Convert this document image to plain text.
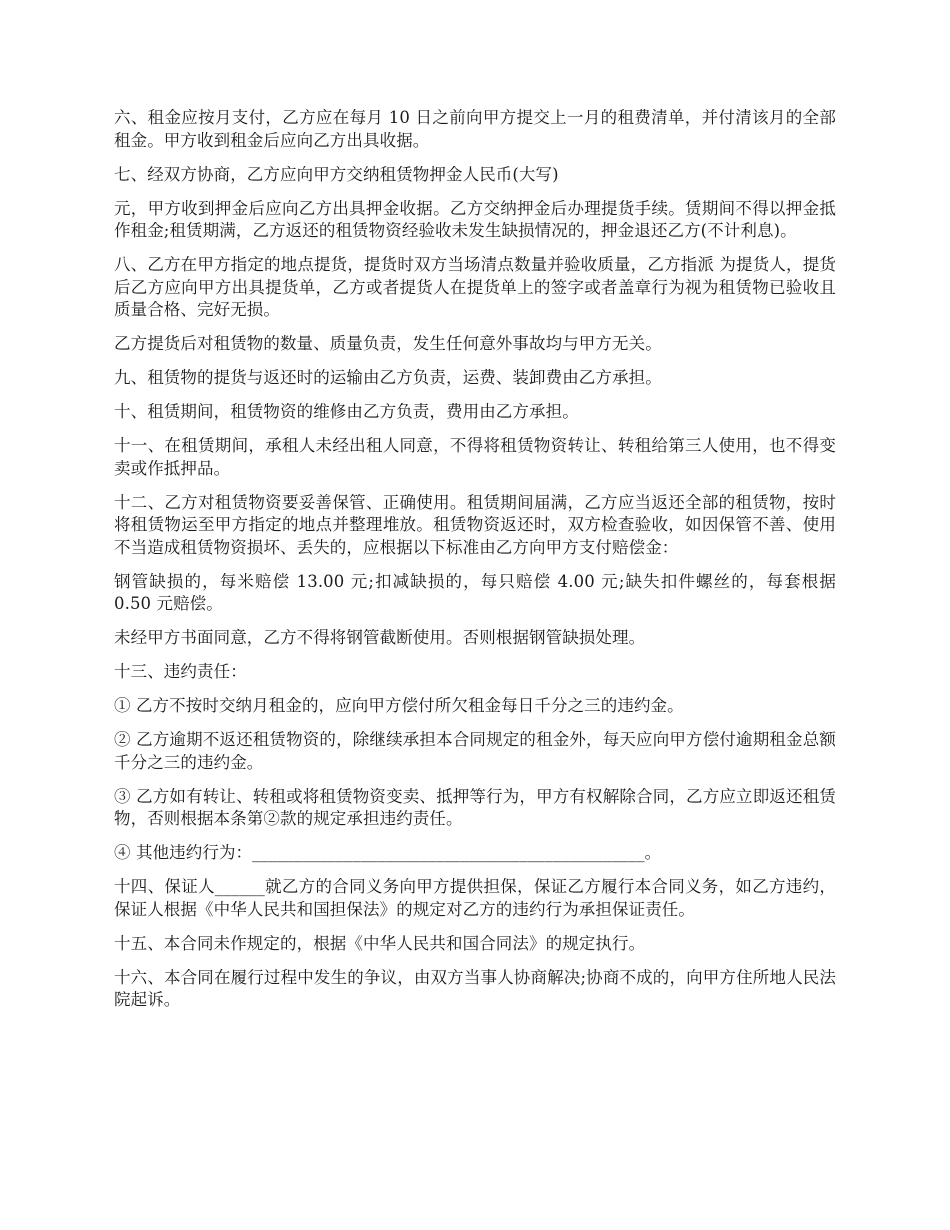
六、租金应按月支付，乙方应在每月 10 日之前向甲方提交上一月的租费清单，并付清该月的全部租金。甲方收到租金后应向乙方出具收据。

七、经双方协商，乙方应向甲方交纳租赁物押金人民币(大写)

元，甲方收到押金后应向乙方出具押金收据。乙方交纳押金后办理提货手续。赁期间不得以押金抵作租金;租赁期满，乙方返还的租赁物资经验收未发生缺损情况的，押金退还乙方(不计利息)。

八、乙方在甲方指定的地点提货，提货时双方当场清点数量并验收质量，乙方指派 为提货人，提货后乙方应向甲方出具提货单，乙方或者提货人在提货单上的签字或者盖章行为视为租赁物已验收且质量合格、完好无损。

乙方提货后对租赁物的数量、质量负责，发生任何意外事故均与甲方无关。

九、租赁物的提货与返还时的运输由乙方负责，运费、装卸费由乙方承担。

十、租赁期间，租赁物资的维修由乙方负责，费用由乙方承担。

十一、在租赁期间，承租人未经出租人同意，不得将租赁物资转让、转租给第三人使用，也不得变卖或作抵押品。

十二、乙方对租赁物资要妥善保管、正确使用。租赁期间届满，乙方应当返还全部的租赁物，按时将租赁物运至甲方指定的地点并整理堆放。租赁物资返还时，双方检查验收，如因保管不善、使用不当造成租赁物资损坏、丢失的，应根据以下标准由乙方向甲方支付赔偿金：

钢管缺损的，每米赔偿 13.00 元;扣减缺损的，每只赔偿 4.00 元;缺失扣件螺丝的，每套根据 0.50 元赔偿。

未经甲方书面同意，乙方不得将钢管截断使用。否则根据钢管缺损处理。

十三、违约责任：

① 乙方不按时交纳月租金的，应向甲方偿付所欠租金每日千分之三的违约金。

② 乙方逾期不返还租赁物资的，除继续承担本合同规定的租金外，每天应向甲方偿付逾期租金总额千分之三的违约金。

③ 乙方如有转让、转租或将租赁物资变卖、抵押等行为，甲方有权解除合同，乙方应立即返还租赁物，否则根据本条第②款的规定承担违约责任。

④ 其他违约行为：_______________________________________________。

十四、保证人______就乙方的合同义务向甲方提供担保，保证乙方履行本合同义务，如乙方违约，保证人根据《中华人民共和国担保法》的规定对乙方的违约行为承担保证责任。

十五、本合同未作规定的，根据《中华人民共和国合同法》的规定执行。

十六、本合同在履行过程中发生的争议，由双方当事人协商解决;协商不成的，向甲方住所地人民法院起诉。
